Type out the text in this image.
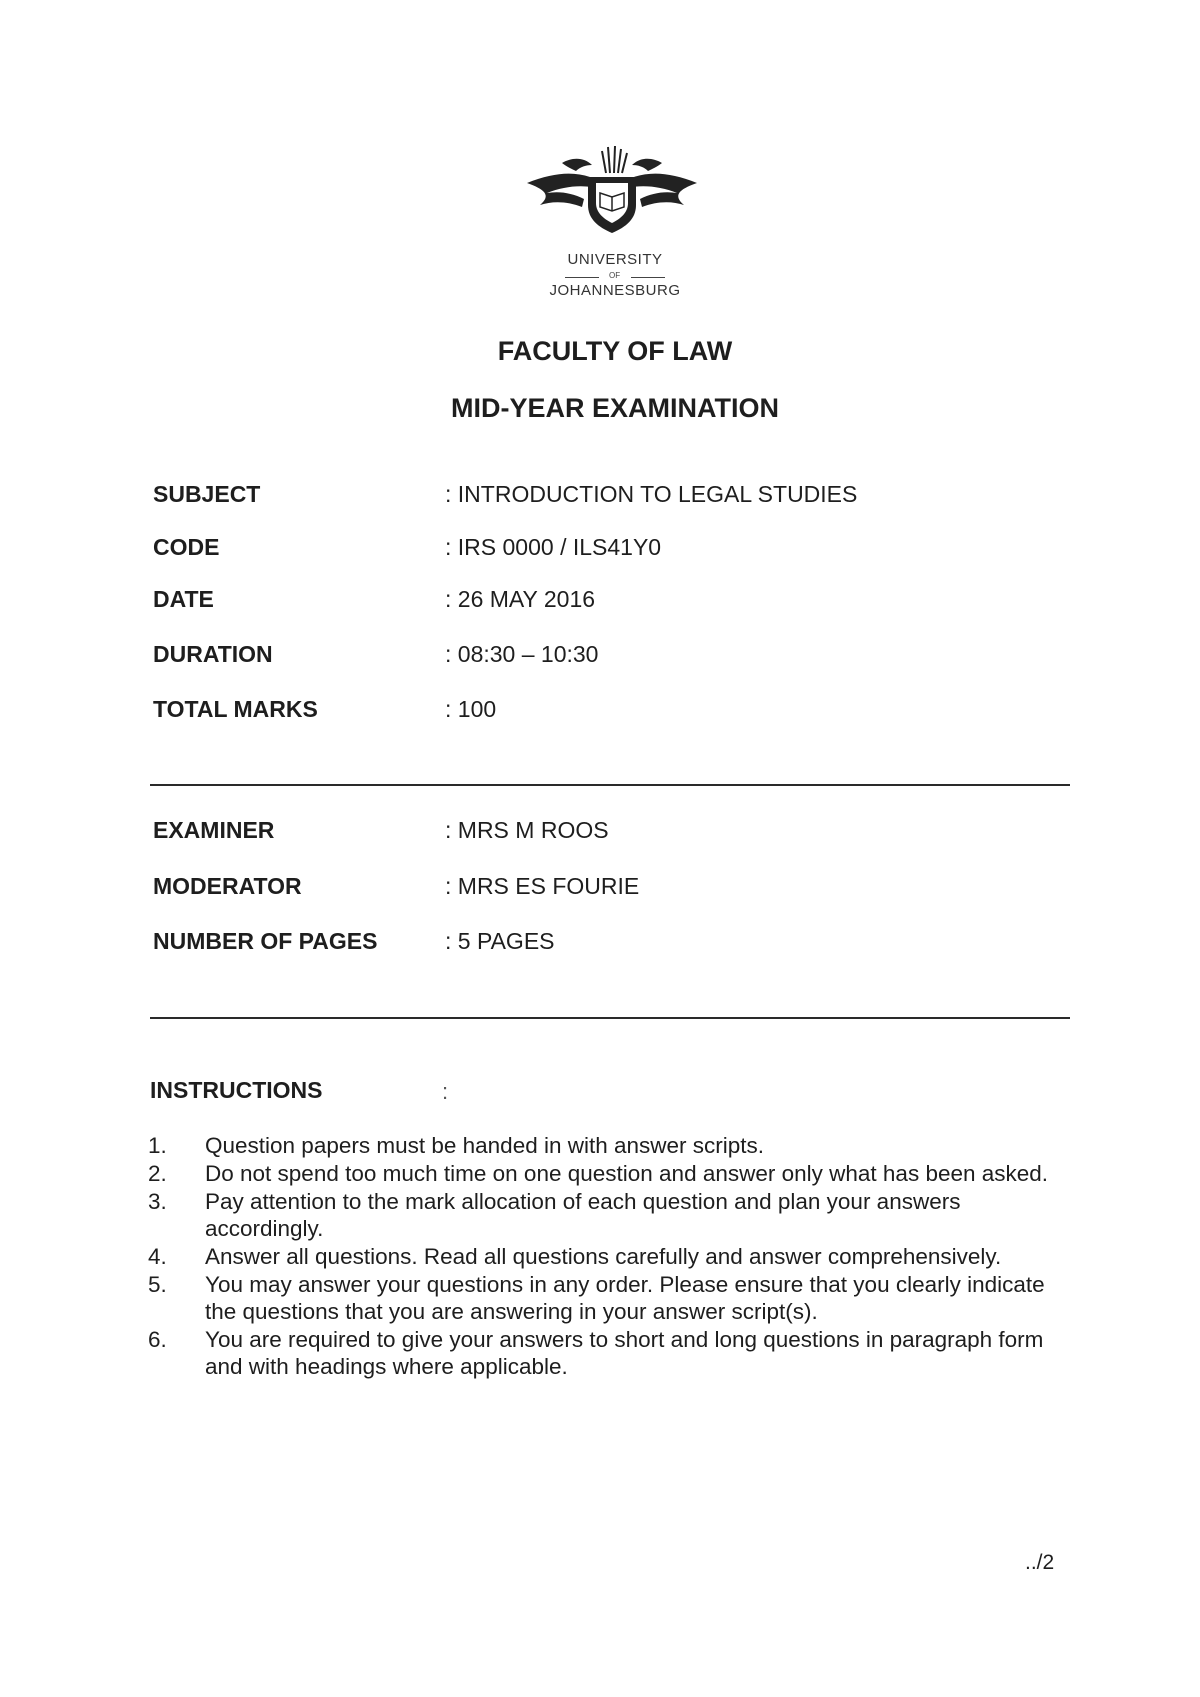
UNIVERSITY
OF
JOHANNESBURG
FACULTY OF LAW
MID-YEAR EXAMINATION
SUBJECT	: INTRODUCTION TO LEGAL STUDIES
CODE	: IRS 0000 / ILS41Y0
DATE	: 26 MAY 2016
DURATION	: 08:30 – 10:30
TOTAL MARKS	: 100
EXAMINER	: MRS M ROOS
MODERATOR	: MRS ES FOURIE
NUMBER OF PAGES	: 5 PAGES
INSTRUCTIONS	:
1. Question papers must be handed in with answer scripts.
2. Do not spend too much time on one question and answer only what has been asked.
3. Pay attention to the mark allocation of each question and plan your answers accordingly.
4. Answer all questions. Read all questions carefully and answer comprehensively.
5. You may answer your questions in any order. Please ensure that you clearly indicate the questions that you are answering in your answer script(s).
6. You are required to give your answers to short and long questions in paragraph form and with headings where applicable.
../2
